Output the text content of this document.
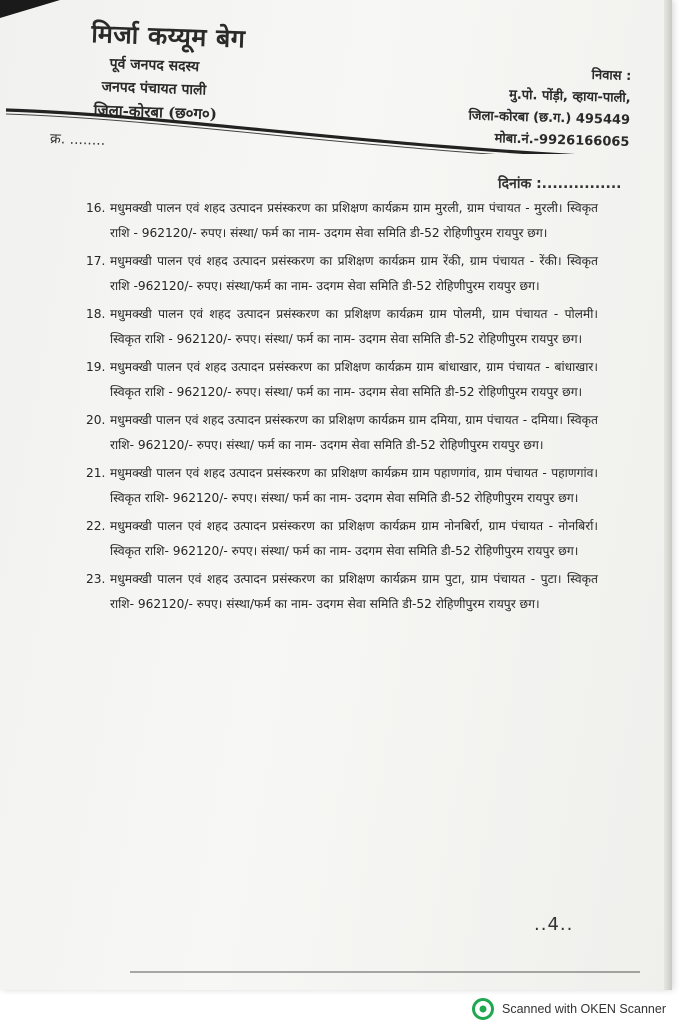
मिर्जा कय्यूम बेग
पूर्व जनपद सदस्य
जनपद पंचायत पाली
जिला-कोरबा (छ०ग०)
निवास :
मु.पो. पोंड़ी, व्हाया-पाली,
जिला-कोरबा (छ.ग.) 495449
मोबा.नं.-9926166065
क्र. ........
दिनांक :...............
16. मधुमक्खी पालन एवं शहद उत्पादन प्रसंस्करण का प्रशिक्षण कार्यक्रम ग्राम मुरली, ग्राम पंचायत - मुरली। स्विकृत राशि - 962120/- रुपए। संस्था/ फर्म का नाम- उदगम सेवा समिति डी-52 रोहिणीपुरम रायपुर छग।
17. मधुमक्खी पालन एवं शहद उत्पादन प्रसंस्करण का प्रशिक्षण कार्यक्रम ग्राम रेंकी, ग्राम पंचायत - रेंकी। स्विकृत राशि -962120/- रुपए। संस्था/फर्म का नाम- उदगम सेवा समिति डी-52 रोहिणीपुरम रायपुर छग।
18. मधुमक्खी पालन एवं शहद उत्पादन प्रसंस्करण का प्रशिक्षण कार्यक्रम ग्राम पोलमी, ग्राम पंचायत - पोलमी। स्विकृत राशि - 962120/- रुपए। संस्था/ फर्म का नाम- उदगम सेवा समिति डी-52 रोहिणीपुरम रायपुर छग।
19. मधुमक्खी पालन एवं शहद उत्पादन प्रसंस्करण का प्रशिक्षण कार्यक्रम ग्राम बांधाखार, ग्राम पंचायत - बांधाखार। स्विकृत राशि - 962120/- रुपए। संस्था/ फर्म का नाम- उदगम सेवा समिति डी-52 रोहिणीपुरम रायपुर छग।
20. मधुमक्खी पालन एवं शहद उत्पादन प्रसंस्करण का प्रशिक्षण कार्यक्रम ग्राम दमिया, ग्राम पंचायत - दमिया। स्विकृत राशि- 962120/- रुपए। संस्था/ फर्म का नाम- उदगम सेवा समिति डी-52 रोहिणीपुरम रायपुर छग।
21. मधुमक्खी पालन एवं शहद उत्पादन प्रसंस्करण का प्रशिक्षण कार्यक्रम ग्राम पहाणगांव, ग्राम पंचायत - पहाणगांव। स्विकृत राशि- 962120/- रुपए। संस्था/ फर्म का नाम- उदगम सेवा समिति डी-52 रोहिणीपुरम रायपुर छग।
22. मधुमक्खी पालन एवं शहद उत्पादन प्रसंस्करण का प्रशिक्षण कार्यक्रम ग्राम नोनबिर्रा, ग्राम पंचायत - नोनबिर्रा। स्विकृत राशि- 962120/- रुपए। संस्था/ फर्म का नाम- उदगम सेवा समिति डी-52 रोहिणीपुरम रायपुर छग।
23. मधुमक्खी पालन एवं शहद उत्पादन प्रसंस्करण का प्रशिक्षण कार्यक्रम ग्राम पुटा, ग्राम पंचायत - पुटा। स्विकृत राशि- 962120/- रुपए। संस्था/फर्म का नाम- उदगम सेवा समिति डी-52 रोहिणीपुरम रायपुर छग।
..4..
Scanned with OKEN Scanner
